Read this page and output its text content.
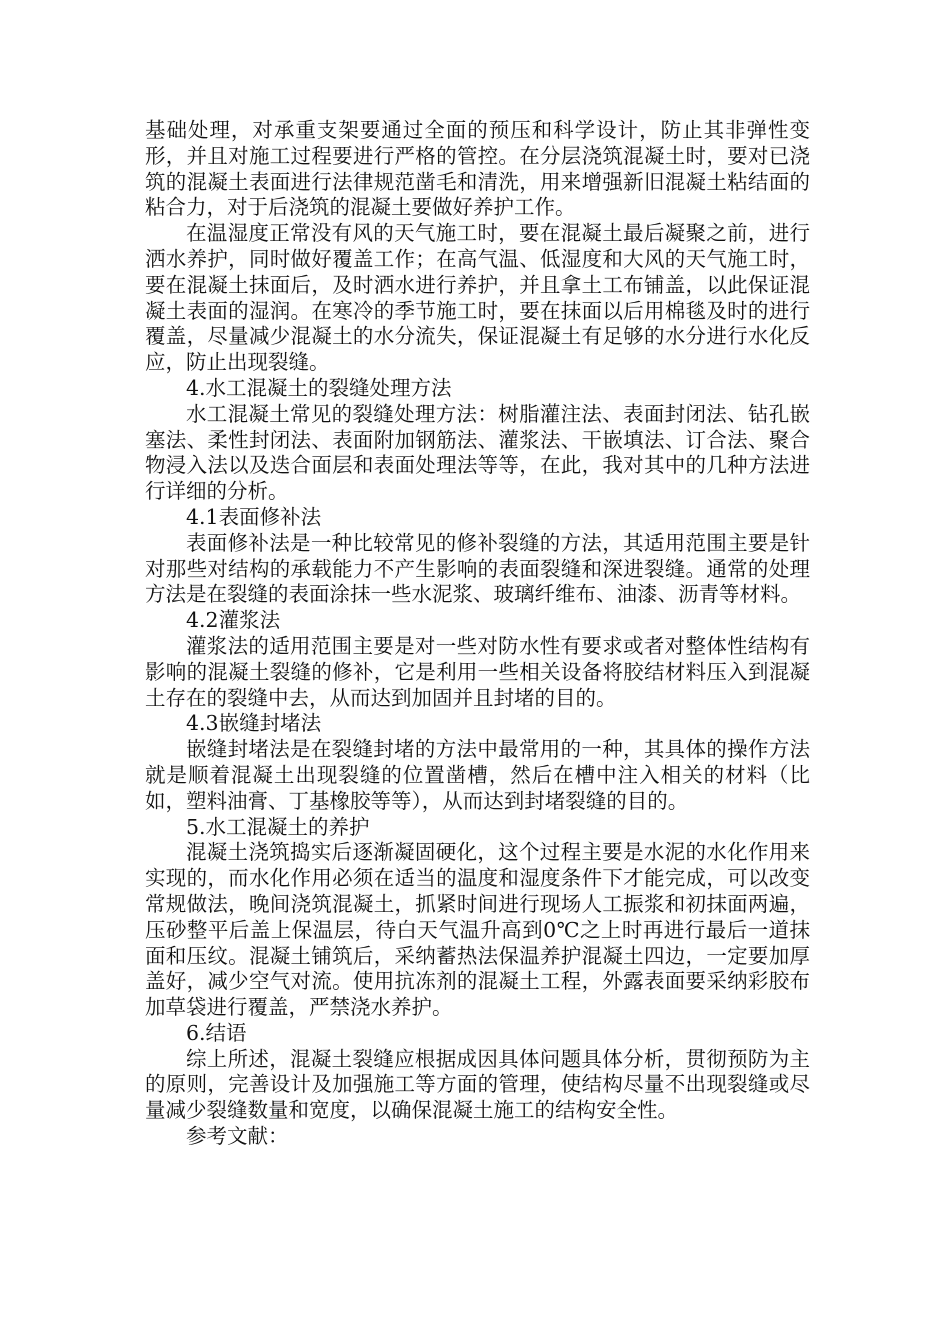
基础处理，对承重支架要通过全面的预压和科学设计，防止其非弹性变形，并且对施工过程要进行严格的管控。在分层浇筑混凝土时，要对已浇筑的混凝土表面进行法律规范凿毛和清洗，用来增强新旧混凝土粘结面的粘合力，对于后浇筑的混凝土要做好养护工作。

在温湿度正常没有风的天气施工时，要在混凝土最后凝聚之前，进行洒水养护，同时做好覆盖工作；在高气温、低湿度和大风的天气施工时，要在混凝土抹面后，及时洒水进行养护，并且拿土工布铺盖，以此保证混凝土表面的湿润。在寒冷的季节施工时，要在抹面以后用棉毯及时的进行覆盖，尽量减少混凝土的水分流失，保证混凝土有足够的水分进行水化反应，防止出现裂缝。

4.水工混凝土的裂缝处理方法

水工混凝土常见的裂缝处理方法：树脂灌注法、表面封闭法、钻孔嵌塞法、柔性封闭法、表面附加钢筋法、灌浆法、干嵌填法、订合法、聚合物浸入法以及迭合面层和表面处理法等等，在此，我对其中的几种方法进行详细的分析。

4.1表面修补法

表面修补法是一种比较常见的修补裂缝的方法，其适用范围主要是针对那些对结构的承载能力不产生影响的表面裂缝和深进裂缝。通常的处理方法是在裂缝的表面涂抹一些水泥浆、玻璃纤维布、油漆、沥青等材料。

4.2灌浆法

灌浆法的适用范围主要是对一些对防水性有要求或者对整体性结构有影响的混凝土裂缝的修补，它是利用一些相关设备将胶结材料压入到混凝土存在的裂缝中去，从而达到加固并且封堵的目的。

4.3嵌缝封堵法

嵌缝封堵法是在裂缝封堵的方法中最常用的一种，其具体的操作方法就是顺着混凝土出现裂缝的位置凿槽，然后在槽中注入相关的材料（比如，塑料油膏、丁基橡胶等等），从而达到封堵裂缝的目的。

5.水工混凝土的养护

混凝土浇筑捣实后逐渐凝固硬化，这个过程主要是水泥的水化作用来实现的，而水化作用必须在适当的温度和湿度条件下才能完成，可以改变常规做法，晚间浇筑混凝土，抓紧时间进行现场人工振浆和初抹面两遍，压砂整平后盖上保温层，待白天气温升高到0℃之上时再进行最后一道抹面和压纹。混凝土铺筑后，采纳蓄热法保温养护混凝土四边，一定要加厚盖好，减少空气对流。使用抗冻剂的混凝土工程，外露表面要采纳彩胶布加草袋进行覆盖，严禁浇水养护。

6.结语

综上所述，混凝土裂缝应根据成因具体问题具体分析，贯彻预防为主的原则，完善设计及加强施工等方面的管理，使结构尽量不出现裂缝或尽量减少裂缝数量和宽度，以确保混凝土施工的结构安全性。

参考文献：
